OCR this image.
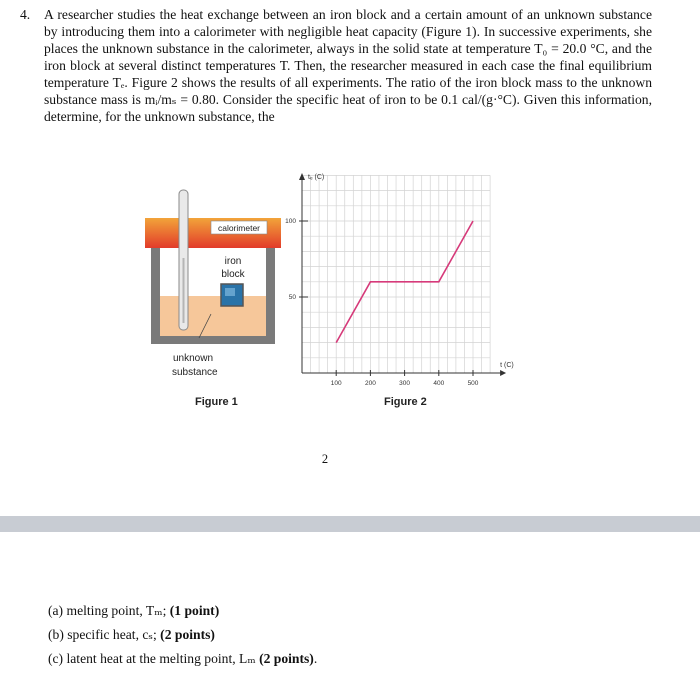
4. A researcher studies the heat exchange between an iron block and a certain amount of an unknown substance by introducing them into a calorimeter with negligible heat capacity (Figure 1). In successive experiments, she places the unknown substance in the calorimeter, always in the solid state at temperature T₀ = 20.0 °C, and the iron block at several distinct temperatures T. Then, the researcher measured in each case the final equilibrium temperature Tₑ. Figure 2 shows the results of all experiments. The ratio of the iron block mass to the unknown substance mass is mᵢ/mₛ = 0.80. Consider the specific heat of iron to be 0.1 cal/(g·°C). Given this information, determine, for the unknown substance, the
calorimeter
iron
block
unknown
substance
Figure 1
100	200	300	400	500
50
100
tₑ (C)
t (C)
Figure 2
2
(a) melting point, Tₘ; (1 point)
(b) specific heat, cₛ; (2 points)
(c) latent heat at the melting point, Lₘ (2 points).
